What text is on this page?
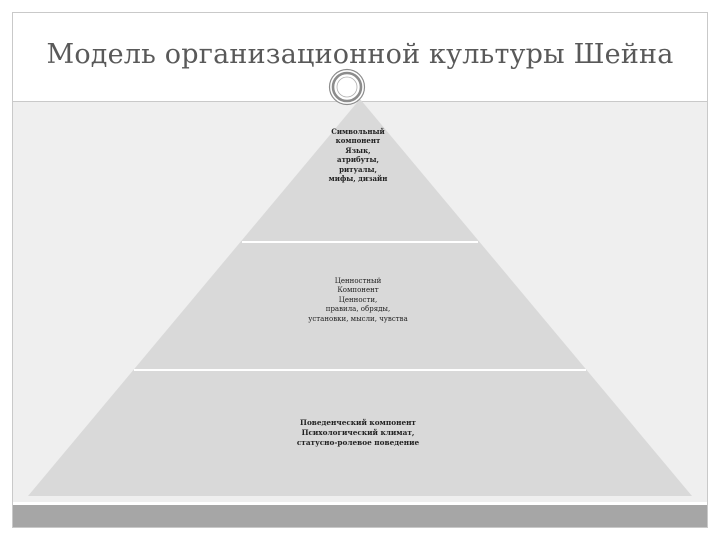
Модель организационной культуры Шейна
Символьный
компонент
Язык,
атрибуты,
ритуалы,
мифы, дизайн
Ценностный
Компонент
Ценности,
правила, обряды,
установки, мысли, чувства
Поведенческий компонент
Психологический климат,
статусно-ролевое поведение
